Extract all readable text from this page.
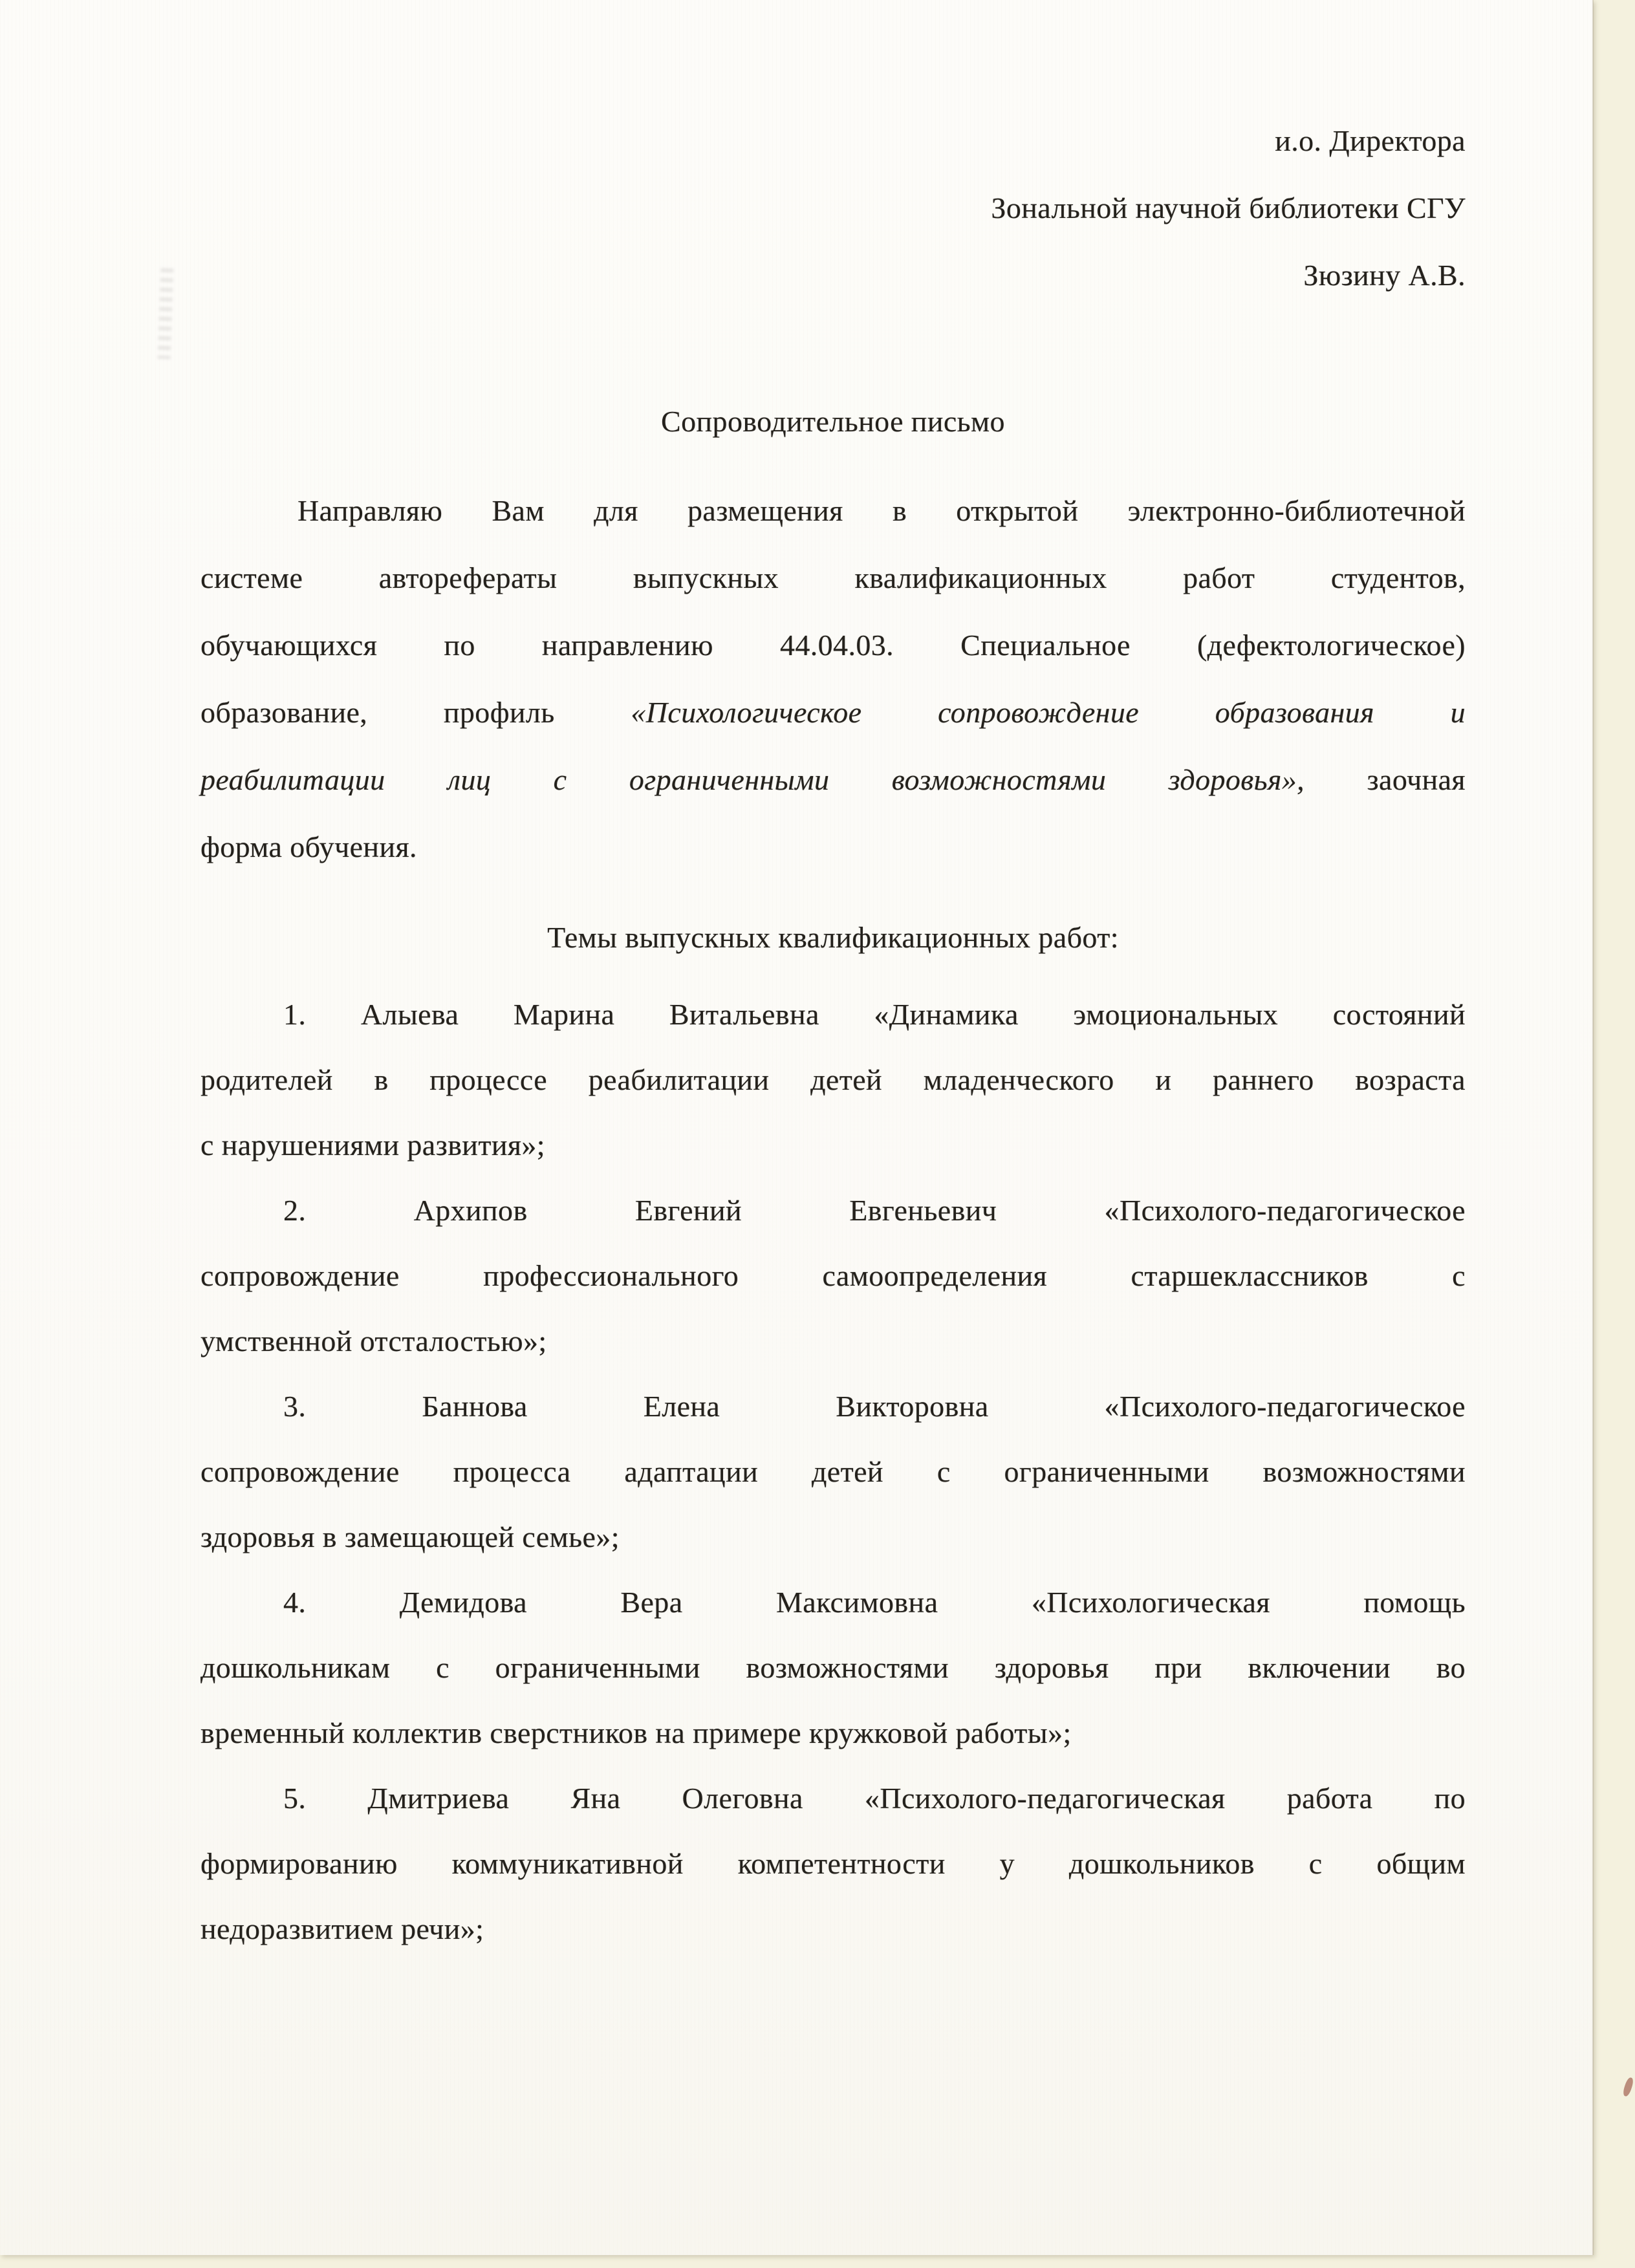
и.о. Директора
Зональной научной библиотеки СГУ
Зюзину А.В.
Сопроводительное письмо
Направляю Вам для размещения в открытой электронно-библиотечной
системе авторефераты выпускных квалификационных работ студентов,
обучающихся по направлению 44.04.03. Специальное (дефектологическое)
образование, профиль «Психологическое сопровождение образования и
реабилитации лиц с ограниченными возможностями здоровья», заочная
форма обучения.
Темы выпускных квалификационных работ:
1. Алыева Марина Витальевна «Динамика эмоциональных состояний
родителей в процессе реабилитации детей младенческого и раннего возраста
с нарушениями развития»;
2. Архипов Евгений Евгеньевич «Психолого-педагогическое
сопровождение профессионального самоопределения старшеклассников с
умственной отсталостью»;
3. Баннова Елена Викторовна «Психолого-педагогическое
сопровождение процесса адаптации детей с ограниченными возможностями
здоровья в замещающей семье»;
4. Демидова Вера Максимовна «Психологическая помощь
дошкольникам с ограниченными возможностями здоровья при включении во
временный коллектив сверстников на примере кружковой работы»;
5. Дмитриева Яна Олеговна «Психолого-педагогическая работа по
формированию коммуникативной компетентности у дошкольников с общим
недоразвитием речи»;
